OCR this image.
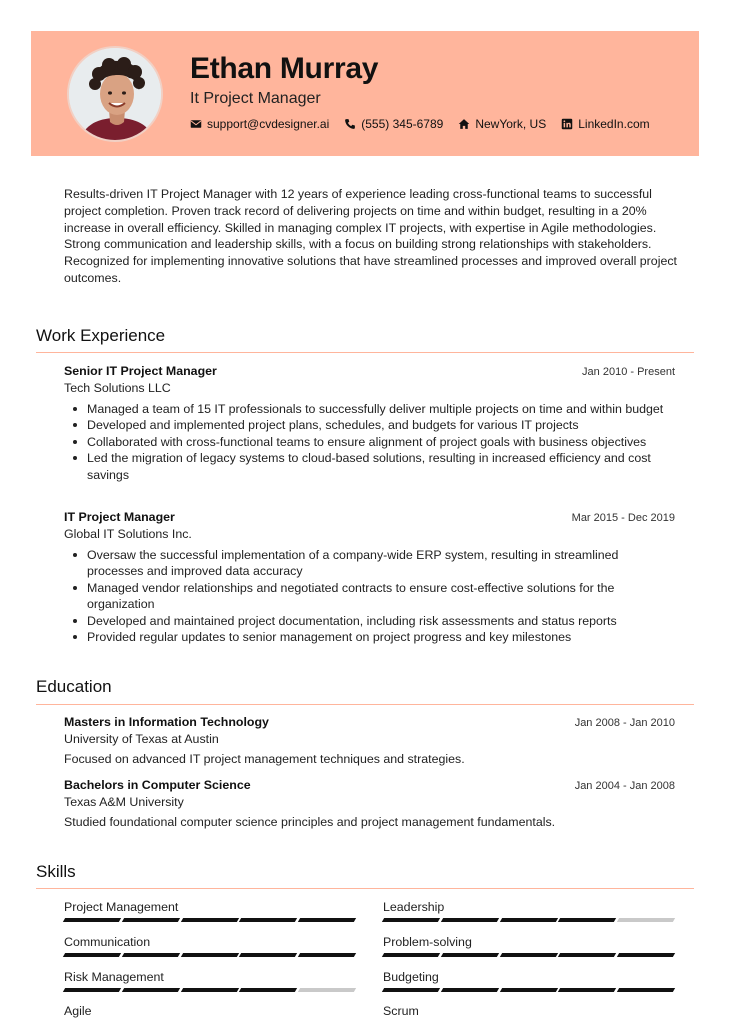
Ethan Murray
It Project Manager
support@cvdesigner.ai	(555) 345-6789	NewYork, US	LinkedIn.com

Results-driven IT Project Manager with 12 years of experience leading cross-functional teams to successful project completion. Proven track record of delivering projects on time and within budget, resulting in a 20% increase in overall efficiency. Skilled in managing complex IT projects, with expertise in Agile methodologies. Strong communication and leadership skills, with a focus on building strong relationships with stakeholders. Recognized for implementing innovative solutions that have streamlined processes and improved overall project outcomes.

Work Experience
Senior IT Project Manager	Jan 2010 - Present
Tech Solutions LLC
Managed a team of 15 IT professionals to successfully deliver multiple projects on time and within budget
Developed and implemented project plans, schedules, and budgets for various IT projects
Collaborated with cross-functional teams to ensure alignment of project goals with business objectives
Led the migration of legacy systems to cloud-based solutions, resulting in increased efficiency and cost savings
IT Project Manager	Mar 2015 - Dec 2019
Global IT Solutions Inc.
Oversaw the successful implementation of a company-wide ERP system, resulting in streamlined processes and improved data accuracy
Managed vendor relationships and negotiated contracts to ensure cost-effective solutions for the organization
Developed and maintained project documentation, including risk assessments and status reports
Provided regular updates to senior management on project progress and key milestones
Education
Masters in Information Technology	Jan 2008 - Jan 2010
University of Texas at Austin
Focused on advanced IT project management techniques and strategies.
Bachelors in Computer Science	Jan 2004 - Jan 2008
Texas A&M University
Studied foundational computer science principles and project management fundamentals.
Skills
Project Management	Leadership
Communication	Problem-solving
Risk Management	Budgeting
Agile	Scrum
